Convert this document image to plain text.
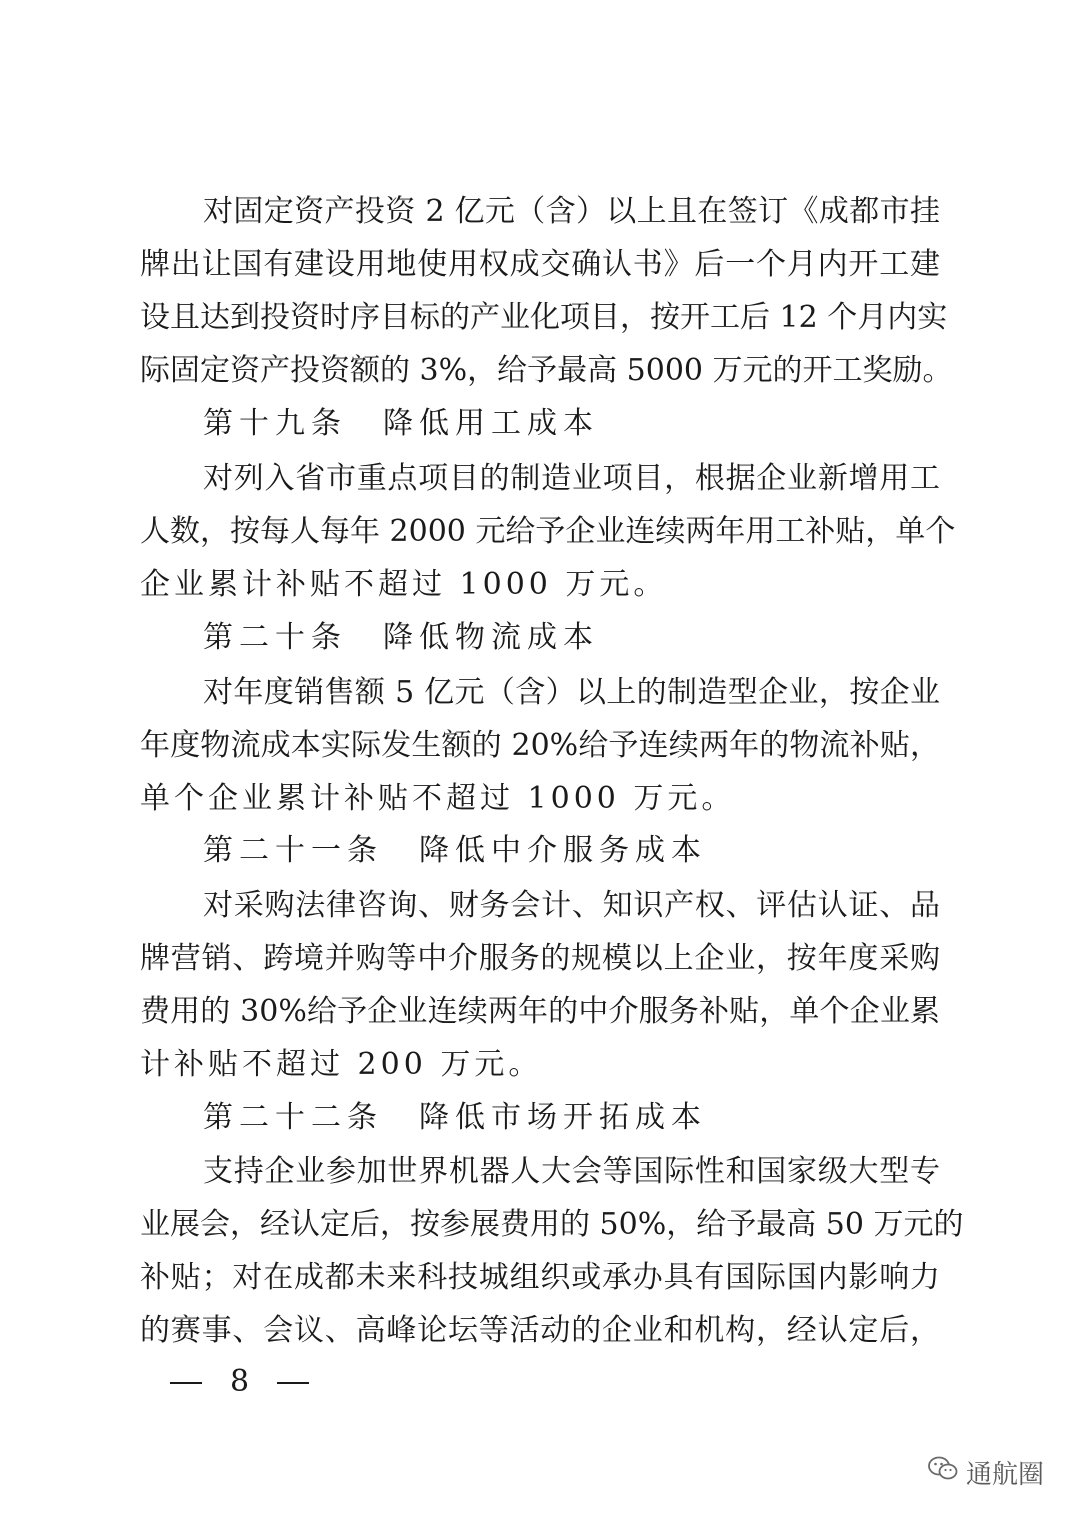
对固定资产投资 2 亿元（含）以上且在签订《成都市挂
牌出让国有建设用地使用权成交确认书》后一个月内开工建
设且达到投资时序目标的产业化项目，按开工后 12 个月内实
际固定资产投资额的 3%，给予最高 5000 万元的开工奖励。
第十九条 降低用工成本
对列入省市重点项目的制造业项目，根据企业新增用工
人数，按每人每年 2000 元给予企业连续两年用工补贴，单个
企业累计补贴不超过 1000 万元。
第二十条 降低物流成本
对年度销售额 5 亿元（含）以上的制造型企业，按企业
年度物流成本实际发生额的 20%给予连续两年的物流补贴，
单个企业累计补贴不超过 1000 万元。
第二十一条 降低中介服务成本
对采购法律咨询、财务会计、知识产权、评估认证、品
牌营销、跨境并购等中介服务的规模以上企业，按年度采购
费用的 30%给予企业连续两年的中介服务补贴，单个企业累
计补贴不超过 200 万元。
第二十二条 降低市场开拓成本
支持企业参加世界机器人大会等国际性和国家级大型专
业展会，经认定后，按参展费用的 50%，给予最高 50 万元的
补贴；对在成都未来科技城组织或承办具有国际国内影响力
的赛事、会议、高峰论坛等活动的企业和机构，经认定后，
8
通航圈
